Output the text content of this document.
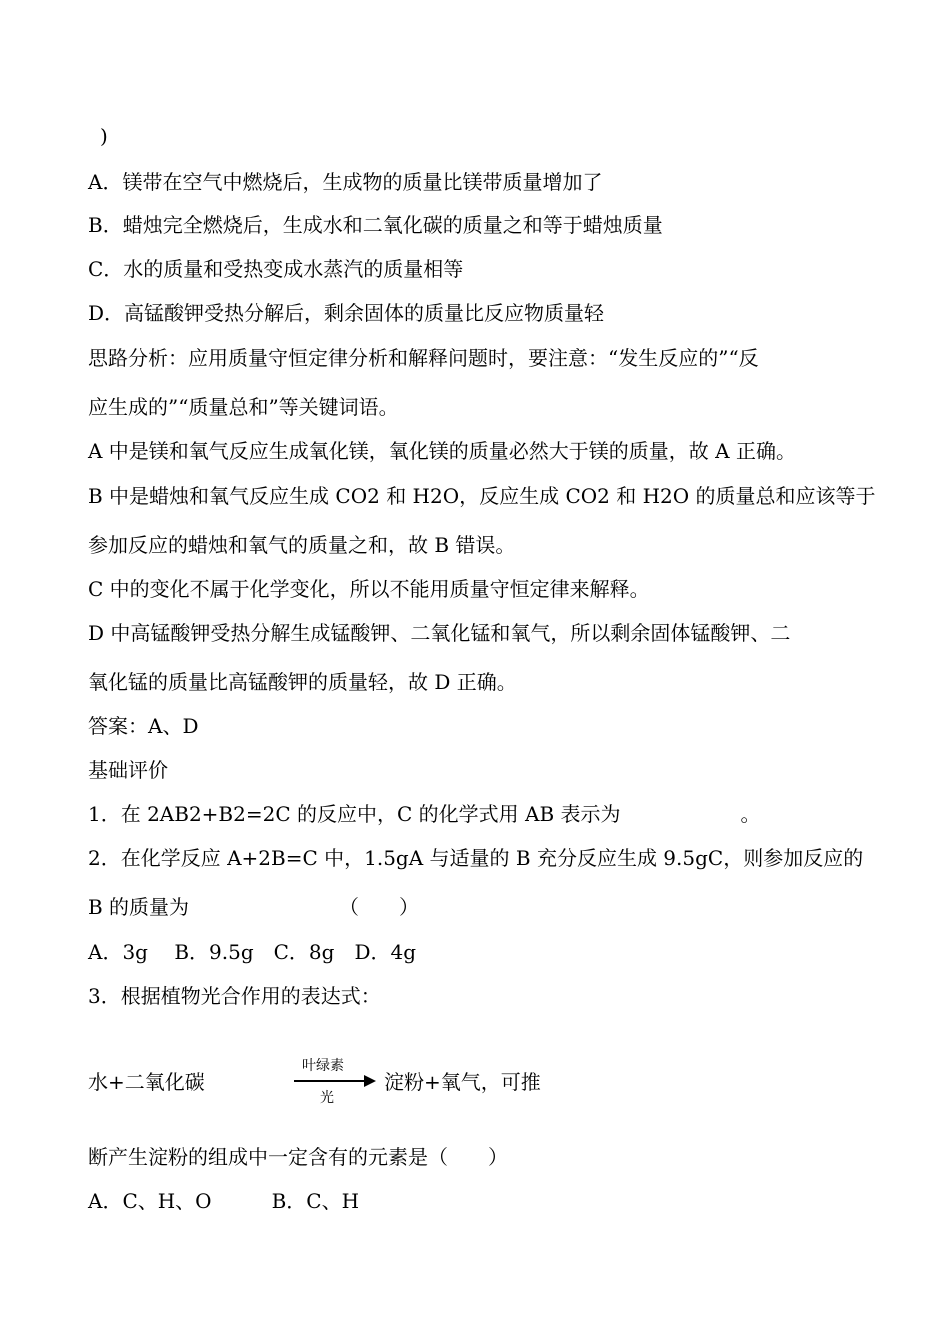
)
A．镁带在空气中燃烧后，生成物的质量比镁带质量增加了
B．蜡烛完全燃烧后，生成水和二氧化碳的质量之和等于蜡烛质量
C．水的质量和受热变成水蒸汽的质量相等
D．高锰酸钾受热分解后，剩余固体的质量比反应物质量轻
思路分析：应用质量守恒定律分析和解释问题时，要注意：“发生反应的”“反
应生成的”“质量总和”等关键词语。
A 中是镁和氧气反应生成氧化镁，氧化镁的质量必然大于镁的质量，故 A 正确。
B 中是蜡烛和氧气反应生成 CO2 和 H2O，反应生成 CO2 和 H2O 的质量总和应该等于
参加反应的蜡烛和氧气的质量之和，故 B 错误。
C 中的变化不属于化学变化，所以不能用质量守恒定律来解释。
D 中高锰酸钾受热分解生成锰酸钾、二氧化锰和氧气，所以剩余固体锰酸钾、二
氧化锰的质量比高锰酸钾的质量轻，故 D 正确。
答案：A、D
基础评价
1．在 2AB2+B2=2C 的反应中，C 的化学式用 AB 表示为　　　　　　。
2．在化学反应 A+2B=C 中，1.5gA 与适量的 B 充分反应生成 9.5gC，则参加反应的
B 的质量为　　　　　　　　（　　）
A．3g　 B．9.5g　C．8g　D．4g
3．根据植物光合作用的表达式：
水+二氧化碳
叶绿素
光
淀粉+氧气，可推
断产生淀粉的组成中一定含有的元素是（　　）
A．C、H、O　　　B．C、H
